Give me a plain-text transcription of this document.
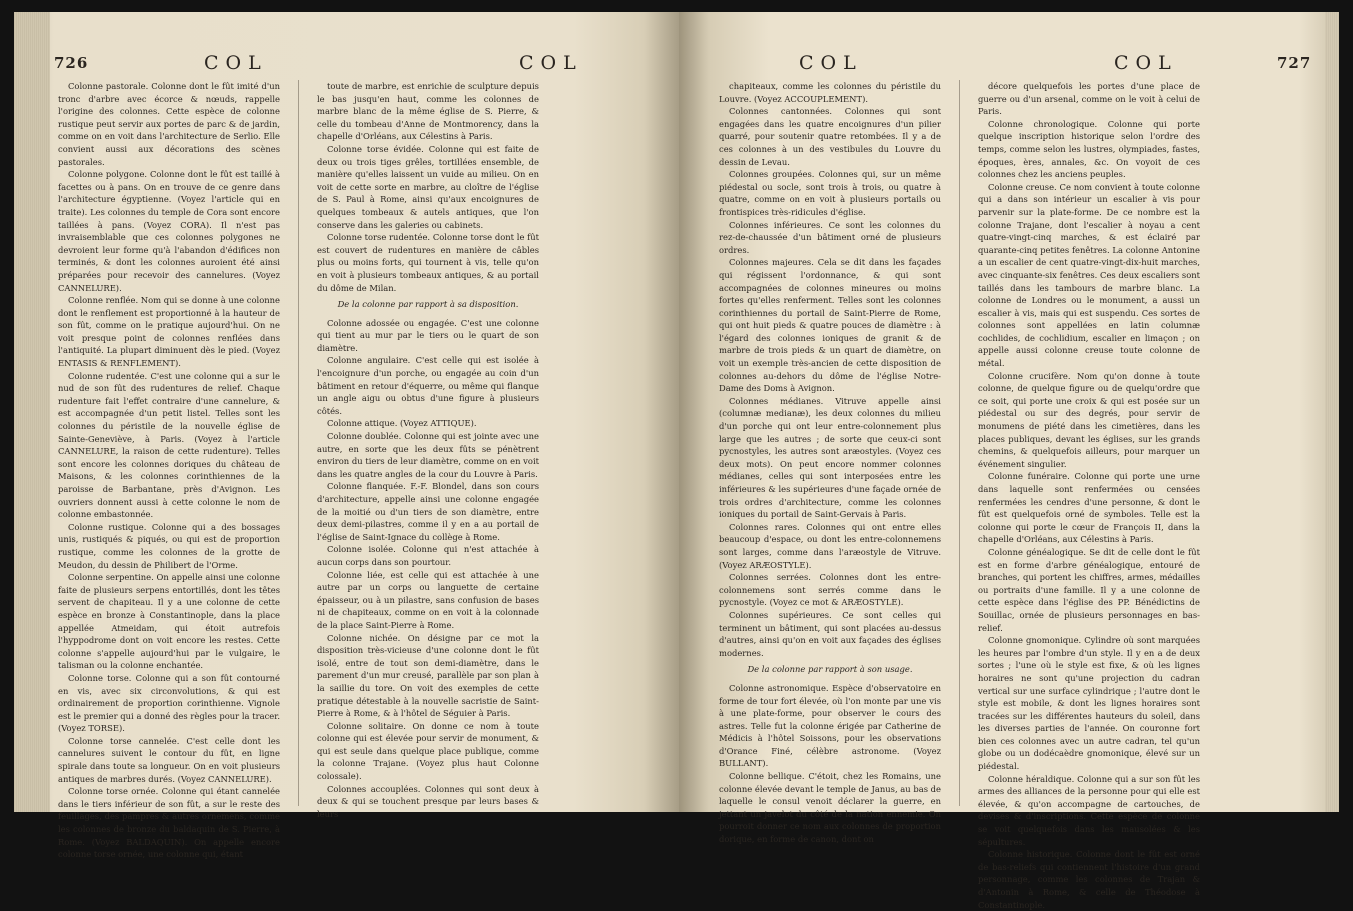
726	COL	COL

Colonne pastorale. Colonne dont le fût imité d'un tronc d'arbre avec écorce & nœuds, rappelle l'origine des colonnes. Cette espèce de colonne rustique peut servir aux portes de parc & de jardin, comme on en voit dans l'architecture de Serlio. Elle convient aussi aux décorations des scènes pastorales.

Colonne polygone. Colonne dont le fût est taillé à facettes ou à pans. On en trouve de ce genre dans l'architecture égyptienne. (Voyez l'article qui en traite). Les colonnes du temple de Cora sont encore taillées à pans. (Voyez CORA). Il n'est pas invraisemblable que ces colonnes polygones ne devroient leur forme qu'à l'abandon d'édifices non terminés, & dont les colonnes auroient été ainsi préparées pour recevoir des cannelures. (Voyez CANNELURE).

Colonne renflée. Nom qui se donne à une colonne dont le renflement est proportionné à la hauteur de son fût, comme on le pratique aujourd'hui. On ne voit presque point de colonnes renflées dans l'antiquité. La plupart diminuent dès le pied. (Voyez ENTASIS & RENFLEMENT).

Colonne rudentée. C'est une colonne qui a sur le nud de son fût des rudentures de relief. Chaque rudenture fait l'effet contraire d'une cannelure, & est accompagnée d'un petit listel. Telles sont les colonnes du péristile de la nouvelle église de Sainte-Geneviève, à Paris. (Voyez à l'article CANNELURE, la raison de cette rudenture). Telles sont encore les colonnes doriques du château de Maisons, & les colonnes corinthiennes de la paroisse de Barbantane, près d'Avignon. Les ouvriers donnent aussi à cette colonne le nom de colonne embastonnée.

Colonne rustique. Colonne qui a des bossages unis, rustiqués & piqués, ou qui est de proportion rustique, comme les colonnes de la grotte de Meudon, du dessin de Philibert de l'Orme.

Colonne serpentine. On appelle ainsi une colonne faite de plusieurs serpens entortillés, dont les têtes servent de chapiteau. Il y a une colonne de cette espèce en bronze à Constantinople, dans la place appellée Atmeidam, qui étoit autrefois l'hyppodrome dont on voit encore les restes. Cette colonne s'appelle aujourd'hui par le vulgaire, le talisman ou la colonne enchantée.

Colonne torse. Colonne qui a son fût contourné en vis, avec six circonvolutions, & qui est ordinairement de proportion corinthienne. Vignole est le premier qui a donné des règles pour la tracer. (Voyez TORSE).

Colonne torse cannelée. C'est celle dont les cannelures suivent le contour du fût, en ligne spirale dans toute sa longueur. On en voit plusieurs antiques de marbres durés. (Voyez CANNELURE).

Colonne torse ornée. Colonne qui étant cannelée dans le tiers inférieur de son fût, a sur le reste des feuillages, des pampres & autres ornemens, comme les colonnes de bronze du baldaquin de S. Pierre, à Rome. (Voyez BALDAQUIN). On appelle encore colonne torse ornée, une colonne qui, étant

toute de marbre, est enrichie de sculpture depuis le bas jusqu'en haut, comme les colonnes de marbre blanc de la même église de S. Pierre, & celle du tombeau d'Anne de Montmorency, dans la chapelle d'Orléans, aux Célestins à Paris.

Colonne torse évidée. Colonne qui est faite de deux ou trois tiges grêles, tortillées ensemble, de manière qu'elles laissent un vuide au milieu. On en voit de cette sorte en marbre, au cloître de l'église de S. Paul à Rome, ainsi qu'aux encoignures de quelques tombeaux & autels antiques, que l'on conserve dans les galeries ou cabinets.

Colonne torse rudentée. Colonne torse dont le fût est couvert de rudentures en manière de câbles plus ou moins forts, qui tournent à vis, telle qu'on en voit à plusieurs tombeaux antiques, & au portail du dôme de Milan.

De la colonne par rapport à sa disposition.

Colonne adossée ou engagée. C'est une colonne qui tient au mur par le tiers ou le quart de son diamètre.

Colonne angulaire. C'est celle qui est isolée à l'encoignure d'un porche, ou engagée au coin d'un bâtiment en retour d'équerre, ou même qui flanque un angle aigu ou obtus d'une figure à plusieurs côtés.

Colonne attique. (Voyez ATTIQUE).

Colonne doublée. Colonne qui est jointe avec une autre, en sorte que les deux fûts se pénètrent environ du tiers de leur diamètre, comme on en voit dans les quatre angles de la cour du Louvre à Paris.

Colonne flanquée. F.-F. Blondel, dans son cours d'architecture, appelle ainsi une colonne engagée de la moitié ou d'un tiers de son diamètre, entre deux demi-pilastres, comme il y en a au portail de l'église de Saint-Ignace du collège à Rome.

Colonne isolée. Colonne qui n'est attachée à aucun corps dans son pourtour.

Colonne liée, est celle qui est attachée à une autre par un corps ou languette de certaine épaisseur, ou à un pilastre, sans confusion de bases ni de chapiteaux, comme on en voit à la colonnade de la place Saint-Pierre à Rome.

Colonne nichée. On désigne par ce mot la disposition très-vicieuse d'une colonne dont le fût isolé, entre de tout son demi-diamètre, dans le parement d'un mur creusé, parallèle par son plan à la saillie du tore. On voit des exemples de cette pratique détestable à la nouvelle sacristie de Saint-Pierre à Rome, & à l'hôtel de Séguier à Paris.

Colonne solitaire. On donne ce nom à toute colonne qui est élevée pour servir de monument, & qui est seule dans quelque place publique, comme la colonne Trajane. (Voyez plus haut Colonne colossale).

Colonnes accouplées. Colonnes qui sont deux à deux & qui se touchent presque par leurs bases & leurs

COL	COL	727

chapiteaux, comme les colonnes du péristile du Louvre. (Voyez ACCOUPLEMENT).

Colonnes cantonnées. Colonnes qui sont engagées dans les quatre encoignures d'un pilier quarré, pour soutenir quatre retombées. Il y a de ces colonnes à un des vestibules du Louvre du dessin de Levau.

Colonnes groupées. Colonnes qui, sur un même piédestal ou socle, sont trois à trois, ou quatre à quatre, comme on en voit à plusieurs portails ou frontispices très-ridicules d'église.

Colonnes inférieures. Ce sont les colonnes du rez-de-chaussée d'un bâtiment orné de plusieurs ordres.

Colonnes majeures. Cela se dit dans les façades qui régissent l'ordonnance, & qui sont accompagnées de colonnes mineures ou moins fortes qu'elles renferment. Telles sont les colonnes corinthiennes du portail de Saint-Pierre de Rome, qui ont huit pieds & quatre pouces de diamètre : à l'égard des colonnes ioniques de granit & de marbre de trois pieds & un quart de diamètre, on voit un exemple très-ancien de cette disposition de colonnes au-dehors du dôme de l'église Notre-Dame des Doms à Avignon.

Colonnes médianes. Vitruve appelle ainsi (columnæ medianæ), les deux colonnes du milieu d'un porche qui ont leur entre-colonnement plus large que les autres ; de sorte que ceux-ci sont pycnostyles, les autres sont aræostyles. (Voyez ces deux mots). On peut encore nommer colonnes médianes, celles qui sont interposées entre les inférieures & les supérieures d'une façade ornée de trois ordres d'architecture, comme les colonnes ioniques du portail de Saint-Gervais à Paris.

Colonnes rares. Colonnes qui ont entre elles beaucoup d'espace, ou dont les entre-colonnemens sont larges, comme dans l'aræostyle de Vitruve. (Voyez ARÆOSTYLE).

Colonnes serrées. Colonnes dont les entre-colonnemens sont serrés comme dans le pycnostyle. (Voyez ce mot & ARÆOSTYLE).

Colonnes supérieures. Ce sont celles qui terminent un bâtiment, qui sont placées au-dessus d'autres, ainsi qu'on en voit aux façades des églises modernes.

De la colonne par rapport à son usage.

Colonne astronomique. Espèce d'observatoire en forme de tour fort élevée, où l'on monte par une vis à une plate-forme, pour observer le cours des astres. Telle fut la colonne érigée par Catherine de Médicis à l'hôtel Soissons, pour les observations d'Orance Finé, célèbre astronome. (Voyez BULLANT).

Colonne bellique. C'étoit, chez les Romains, une colonne élevée devant le temple de Janus, au bas de laquelle le consul venoit déclarer la guerre, en jettant un javelot du côté de la nation ennemie. On pourroit donner ce nom aux colonnes de proportion dorique, en forme de canon, dont on

décore quelquefois les portes d'une place de guerre ou d'un arsenal, comme on le voit à celui de Paris.

Colonne chronologique. Colonne qui porte quelque inscription historique selon l'ordre des temps, comme selon les lustres, olympiades, fastes, époques, ères, annales, &c. On voyoit de ces colonnes chez les anciens peuples.

Colonne creuse. Ce nom convient à toute colonne qui a dans son intérieur un escalier à vis pour parvenir sur la plate-forme. De ce nombre est la colonne Trajane, dont l'escalier à noyau a cent quatre-vingt-cinq marches, & est éclairé par quarante-cinq petites fenêtres. La colonne Antonine a un escalier de cent quatre-vingt-dix-huit marches, avec cinquante-six fenêtres. Ces deux escaliers sont taillés dans les tambours de marbre blanc. La colonne de Londres ou le monument, a aussi un escalier à vis, mais qui est suspendu. Ces sortes de colonnes sont appellées en latin columnæ cochlides, de cochlidium, escalier en limaçon ; on appelle aussi colonne creuse toute colonne de métal.

Colonne crucifère. Nom qu'on donne à toute colonne, de quelque figure ou de quelqu'ordre que ce soit, qui porte une croix & qui est posée sur un piédestal ou sur des degrés, pour servir de monumens de piété dans les cimetières, dans les places publiques, devant les églises, sur les grands chemins, & quelquefois ailleurs, pour marquer un événement singulier.

Colonne funéraire. Colonne qui porte une urne dans laquelle sont renfermées ou censées renfermées les cendres d'une personne, & dont le fût est quelquefois orné de symboles. Telle est la colonne qui porte le cœur de François II, dans la chapelle d'Orléans, aux Célestins à Paris.

Colonne généalogique. Se dit de celle dont le fût est en forme d'arbre généalogique, entouré de branches, qui portent les chiffres, armes, médailles ou portraits d'une famille. Il y a une colonne de cette espèce dans l'église des PP. Bénédictins de Souillac, ornée de plusieurs personnages en bas-relief.

Colonne gnomonique. Cylindre où sont marquées les heures par l'ombre d'un style. Il y en a de deux sortes ; l'une où le style est fixe, & où les lignes horaires ne sont qu'une projection du cadran vertical sur une surface cylindrique ; l'autre dont le style est mobile, & dont les lignes horaires sont tracées sur les différentes hauteurs du soleil, dans les diverses parties de l'année. On couronne fort bien ces colonnes avec un autre cadran, tel qu'un globe ou un dodécaèdre gnomonique, élevé sur un piédestal.

Colonne héraldique. Colonne qui a sur son fût les armes des alliances de la personne pour qui elle est élevée, & qu'on accompagne de cartouches, de devises & d'inscriptions. Cette espèce de colonne se voit quelquefois dans les mausolées & les sépultures.

Colonne historique. Colonne dont le fût est orné de bas-reliefs qui contiennent l'histoire d'un grand personnage, comme les colonnes de Trajan & d'Antonin à Rome, & celle de Théodose à Constantinople.
